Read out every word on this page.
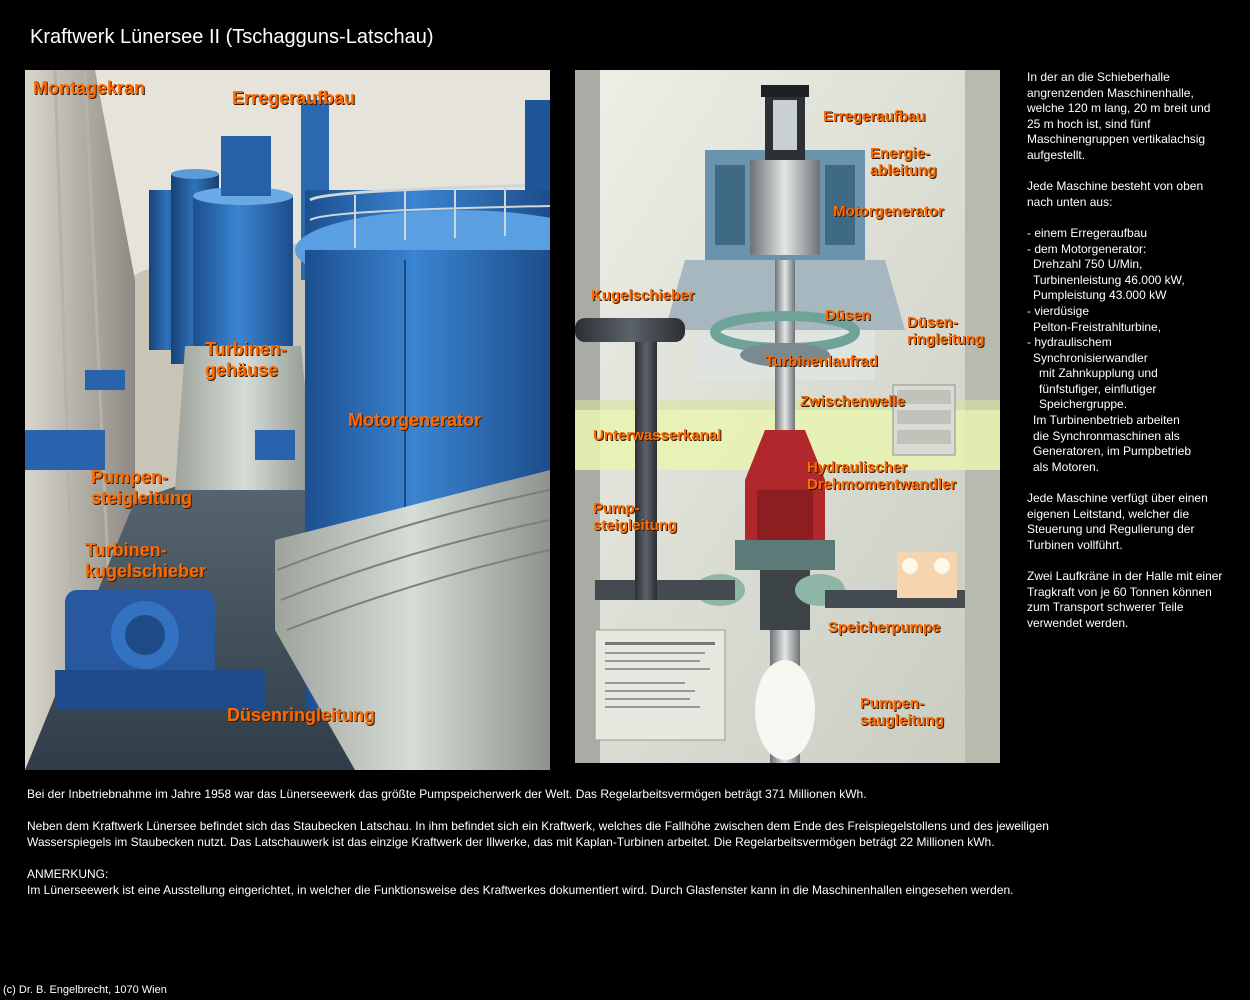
Kraftwerk Lünersee II (Tschagguns-Latschau)
Montagekran	Erregeraufbau
Turbinen-
gehäuse
Motorgenerator
Pumpen-
steigleitung
Turbinen-
kugelschieber
Düsenringleitung
Erregeraufbau
Energie-
ableitung
Motorgenerator
Kugelschieber
Düsen Düsen-
ringleitung
Turbinenlaufrad
Zwischenwelle
Unterwasserkanal
Hydraulischer
Drehmomentwandler
Pump-
steigleitung
Speicherpumpe
Pumpen-
saugleitung

In der an die Schieberhalle angrenzenden Maschinenhalle, welche 120 m lang, 20 m breit und 25 m hoch ist, sind fünf Maschinengruppen vertikalachsig aufgestellt.

Jede Maschine besteht von oben nach unten aus:

- einem Erregeraufbau
- dem Motorgenerator:
Drehzahl 750 U/Min,
Turbinenleistung 46.000 kW,
Pumpleistung 43.000 kW
- vierdüsige
Pelton-Freistrahlturbine,
- hydraulischem
Synchronisierwandler
mit Zahnkupplung und
fünfstufiger, einflutiger
Speichergruppe.
Im Turbinenbetrieb arbeiten
die Synchronmaschinen als
Generatoren, im Pumpbetrieb
als Motoren.

Jede Maschine verfügt über einen eigenen Leitstand, welcher die Steuerung und Regulierung der Turbinen vollführt.

Zwei Laufkräne in der Halle mit einer Tragkraft von je 60 Tonnen können zum Transport schwerer Teile verwendet werden.

Bei der Inbetriebnahme im Jahre 1958 war das Lünerseewerk das größte Pumpspeicherwerk der Welt. Das Regelarbeitsvermögen beträgt 371 Millionen kWh.

Neben dem Kraftwerk Lünersee befindet sich das Staubecken Latschau. In ihm befindet sich ein Kraftwerk, welches die Fallhöhe zwischen dem Ende des Freispiegelstollens und des jeweiligen
Wasserspiegels im Staubecken nutzt. Das Latschauwerk ist das einzige Kraftwerk der Illwerke, das mit Kaplan-Turbinen arbeitet. Die Regelarbeitsvermögen beträgt 22 Millionen kWh.

ANMERKUNG:
Im Lünerseewerk ist eine Ausstellung eingerichtet, in welcher die Funktionsweise des Kraftwerkes dokumentiert wird. Durch Glasfenster kann in die Maschinenhallen eingesehen werden.

(c) Dr. B. Engelbrecht, 1070 Wien
